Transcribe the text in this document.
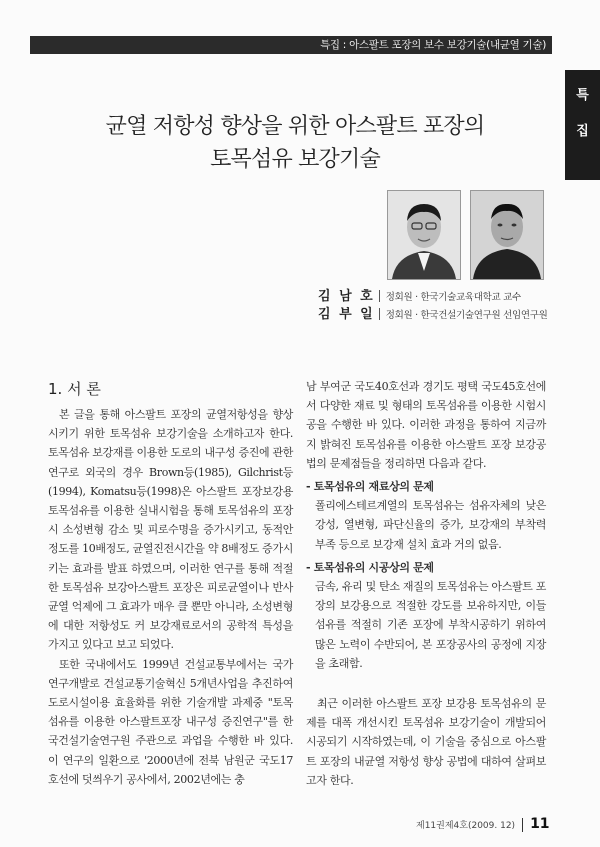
특집 : 아스팔트 포장의 보수 보강기술(내균열 기술)
특
집
균열 저항성 향상을 위한 아스팔트 포장의
토목섬유 보강기술
김 남 호 정회원 · 한국기술교육대학교 교수
김 부 일 정회원 · 한국건설기술연구원 선임연구원
1. 서 론

본 글을 통해 아스팔트 포장의 균열저항성을 향상시키기 위한 토목섬유 보강기술을 소개하고자 한다. 토목섬유 보강재를 이용한 도로의 내구성 증진에 관한 연구로 외국의 경우 Brown등(1985), Gilchrist등(1994), Komatsu등(1998)은 아스팔트 포장보강용 토목섬유를 이용한 실내시험을 통해 토목섬유의 포장시 소성변형 감소 및 피로수명을 증가시키고, 동적안정도를 10배정도, 균열진전시간을 약 8배정도 증가시키는 효과를 발표 하였으며, 이러한 연구를 통해 적절한 토목섬유 보강아스팔트 포장은 피로균열이나 반사균열 억제에 그 효과가 매우 클 뿐만 아니라, 소성변형에 대한 저항성도 커 보강재료로서의 공학적 특성을 가지고 있다고 보고 되었다.

또한 국내에서도 1999년 건설교통부에서는 국가연구개발로 건설교통기술혁신 5개년사업을 추진하여 도로시설이용 효율화를 위한 기술개발 과제중 "토목섬유를 이용한 아스팔트포장 내구성 증진연구"를 한국건설기술연구원 주관으로 과업을 수행한 바 있다. 이 연구의 일환으로 '2000년에 전북 남원군 국도17호선에 덧씌우기 공사에서, 2002년에는 충

남 부여군 국도40호선과 경기도 평택 국도45호선에서 다양한 재료 및 형태의 토목섬유를 이용한 시험시공을 수행한 바 있다. 이러한 과정을 통하여 지금까지 밝혀진 토목섬유를 이용한 아스팔트 포장 보강공법의 문제점들을 정리하면 다음과 같다.

- 토목섬유의 재료상의 문제

폴리에스테르계열의 토목섬유는 섬유자체의 낮은 강성, 열변형, 파단신율의 증가, 보강재의 부착력 부족 등으로 보강재 설치 효과 거의 없음.

- 토목섬유의 시공상의 문제

금속, 유리 및 탄소 재질의 토목섬유는 아스팔트 포장의 보강용으로 적절한 강도를 보유하지만, 이들 섬유를 적절히 기존 포장에 부착시공하기 위하여 많은 노력이 수반되어, 본 포장공사의 공정에 지장을 초래함.

최근 이러한 아스팔트 포장 보강용 토목섬유의 문제를 대폭 개선시킨 토목섬유 보강기술이 개발되어 시공되기 시작하였는데, 이 기술을 중심으로 아스팔트 포장의 내균열 저항성 향상 공법에 대하여 살펴보고자 한다.

제11권제4호(2009. 12) 11
